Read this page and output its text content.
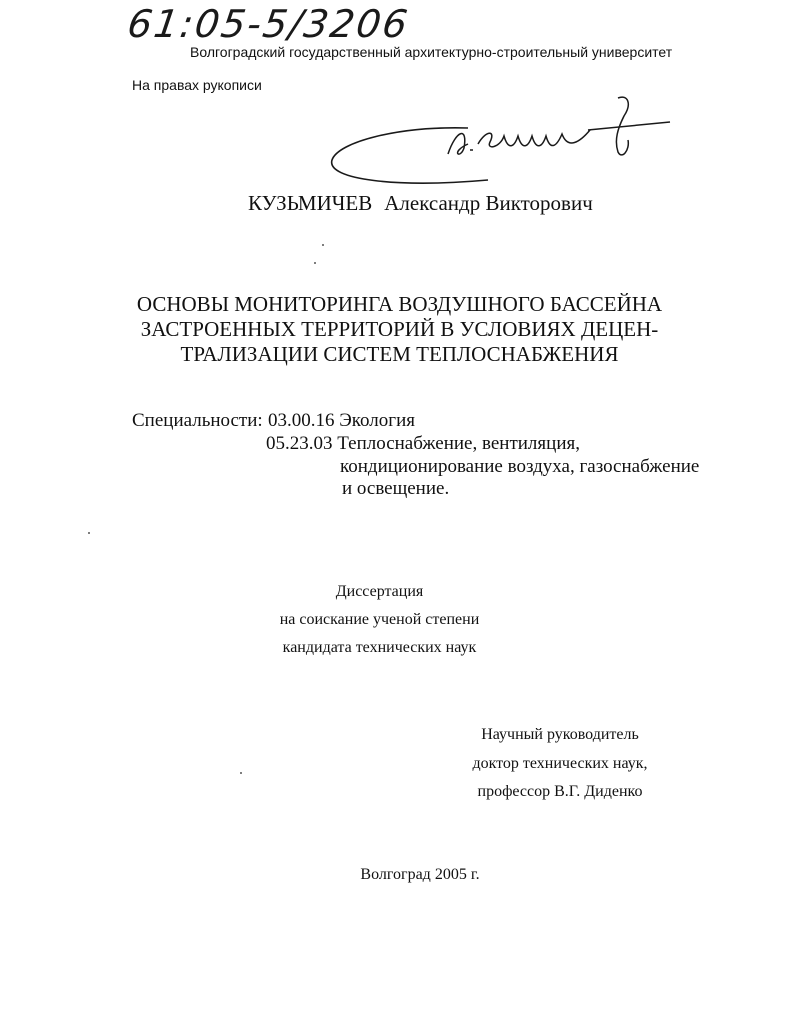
61:05-5/3206
Волгоградский государственный архитектурно-строительный университет
На правах рукописи
КУЗЬМИЧЕВ Александр Викторович
ОСНОВЫ МОНИТОРИНГА ВОЗДУШНОГО БАССЕЙНА
ЗАСТРОЕННЫХ ТЕРРИТОРИЙ В УСЛОВИЯХ ДЕЦЕН-
ТРАЛИЗАЦИИ СИСТЕМ ТЕПЛОСНАБЖЕНИЯ
Специальности: 03.00.16 Экология
05.23.03 Теплоснабжение, вентиляция,
кондиционирование воздуха, газоснабжение
и освещение.
Диссертация
на соискание ученой степени
кандидата технических наук
Научный руководитель
доктор технических наук,
профессор В.Г. Диденко
Волгоград 2005 г.
